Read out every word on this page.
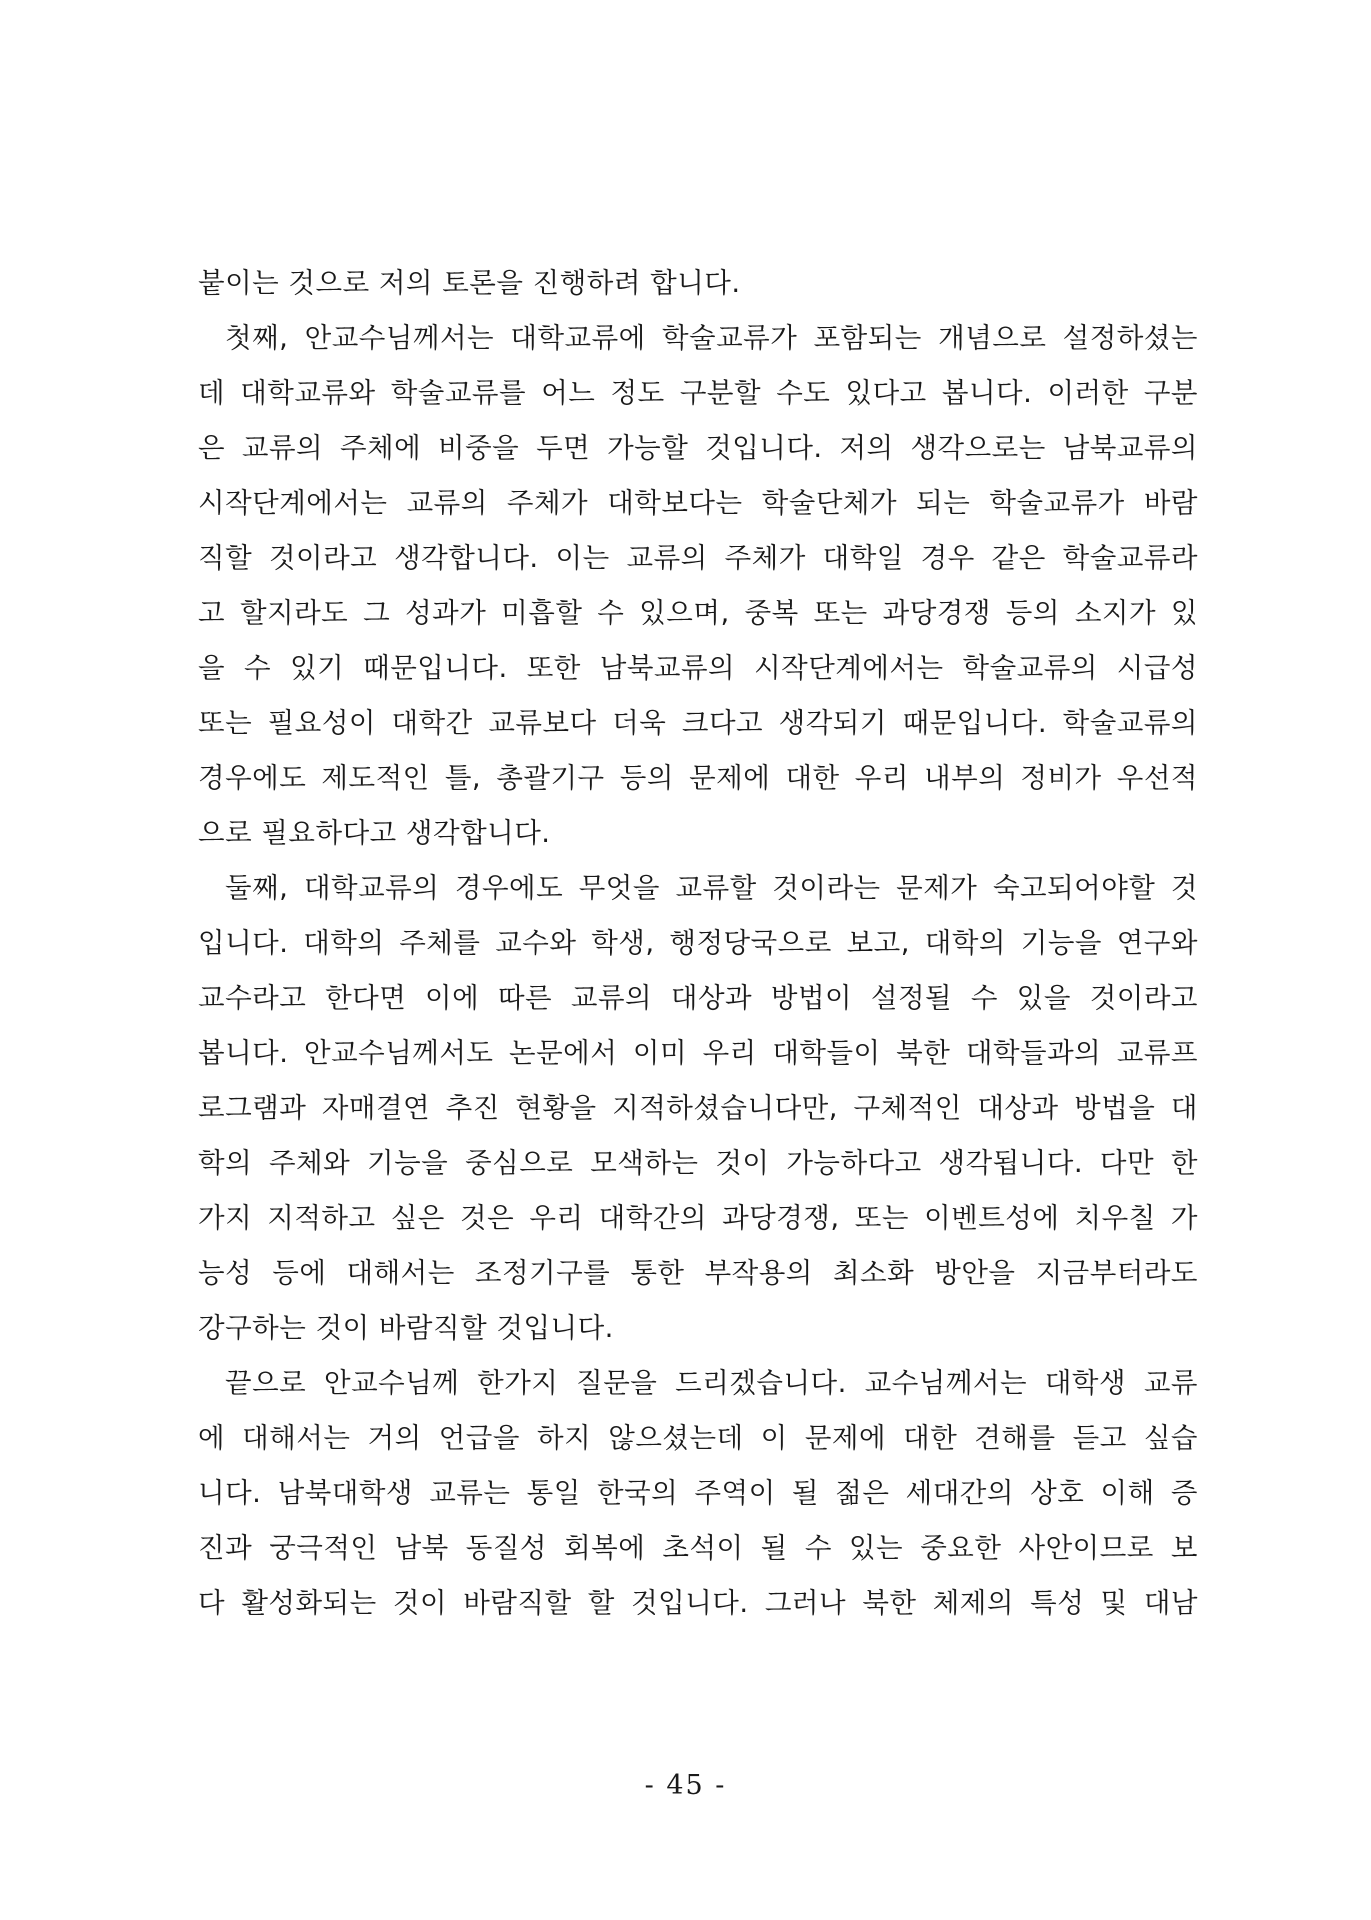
붙이는 것으로 저의 토론을 진행하려 합니다.
첫째, 안교수님께서는 대학교류에 학술교류가 포함되는 개념으로 설정하셨는
데 대학교류와 학술교류를 어느 정도 구분할 수도 있다고 봅니다. 이러한 구분
은 교류의 주체에 비중을 두면 가능할 것입니다. 저의 생각으로는 남북교류의
시작단계에서는 교류의 주체가 대학보다는 학술단체가 되는 학술교류가 바람
직할 것이라고 생각합니다. 이는 교류의 주체가 대학일 경우 같은 학술교류라
고 할지라도 그 성과가 미흡할 수 있으며, 중복 또는 과당경쟁 등의 소지가 있
을 수 있기 때문입니다. 또한 남북교류의 시작단계에서는 학술교류의 시급성
또는 필요성이 대학간 교류보다 더욱 크다고 생각되기 때문입니다. 학술교류의
경우에도 제도적인 틀, 총괄기구 등의 문제에 대한 우리 내부의 정비가 우선적
으로 필요하다고 생각합니다.
둘째, 대학교류의 경우에도 무엇을 교류할 것이라는 문제가 숙고되어야할 것
입니다. 대학의 주체를 교수와 학생, 행정당국으로 보고, 대학의 기능을 연구와
교수라고 한다면 이에 따른 교류의 대상과 방법이 설정될 수 있을 것이라고
봅니다. 안교수님께서도 논문에서 이미 우리 대학들이 북한 대학들과의 교류프
로그램과 자매결연 추진 현황을 지적하셨습니다만, 구체적인 대상과 방법을 대
학의 주체와 기능을 중심으로 모색하는 것이 가능하다고 생각됩니다. 다만 한
가지 지적하고 싶은 것은 우리 대학간의 과당경쟁, 또는 이벤트성에 치우칠 가
능성 등에 대해서는 조정기구를 통한 부작용의 최소화 방안을 지금부터라도
강구하는 것이 바람직할 것입니다.
끝으로 안교수님께 한가지 질문을 드리겠습니다. 교수님께서는 대학생 교류
에 대해서는 거의 언급을 하지 않으셨는데 이 문제에 대한 견해를 듣고 싶습
니다. 남북대학생 교류는 통일 한국의 주역이 될 젊은 세대간의 상호 이해 증
진과 궁극적인 남북 동질성 회복에 초석이 될 수 있는 중요한 사안이므로 보
다 활성화되는 것이 바람직할 할 것입니다. 그러나 북한 체제의 특성 및 대남
- 45 -
